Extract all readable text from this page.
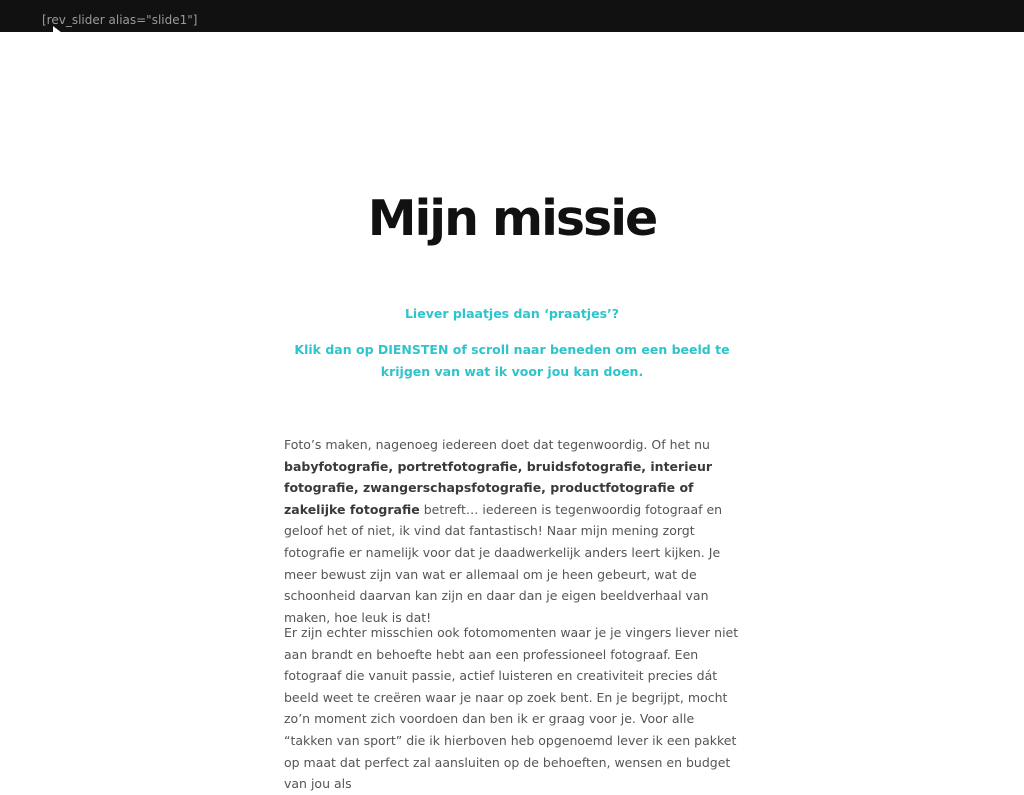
[rev_slider alias="slide1"]
Mijn missie

Liever plaatjes dan ‘praatjes’?

Klik dan op DIENSTEN of scroll naar beneden om een beeld te krijgen van wat ik voor jou kan doen.

Foto’s maken, nagenoeg iedereen doet dat tegenwoordig. Of het nu babyfotografie, portretfotografie, bruidsfotografie, interieur fotografie, zwangerschapsfotografie, productfotografie of zakelijke fotografie betreft… iedereen is tegenwoordig fotograaf en geloof het of niet, ik vind dat fantastisch! Naar mijn mening zorgt fotografie er namelijk voor dat je daadwerkelijk anders leert kijken. Je meer bewust zijn van wat er allemaal om je heen gebeurt, wat de schoonheid daarvan kan zijn en daar dan je eigen beeldverhaal van maken, hoe leuk is dat!

Er zijn echter misschien ook fotomomenten waar je je vingers liever niet aan brandt en behoefte hebt aan een professioneel fotograaf. Een fotograaf die vanuit passie, actief luisteren en creativiteit precies dát beeld weet te creëren waar je naar op zoek bent. En je begrijpt, mocht zo’n moment zich voordoen dan ben ik er graag voor je. Voor alle “takken van sport” die ik hierboven heb opgenoemd lever ik een pakket op maat dat perfect zal aansluiten op de behoeften, wensen en budget van jou als
